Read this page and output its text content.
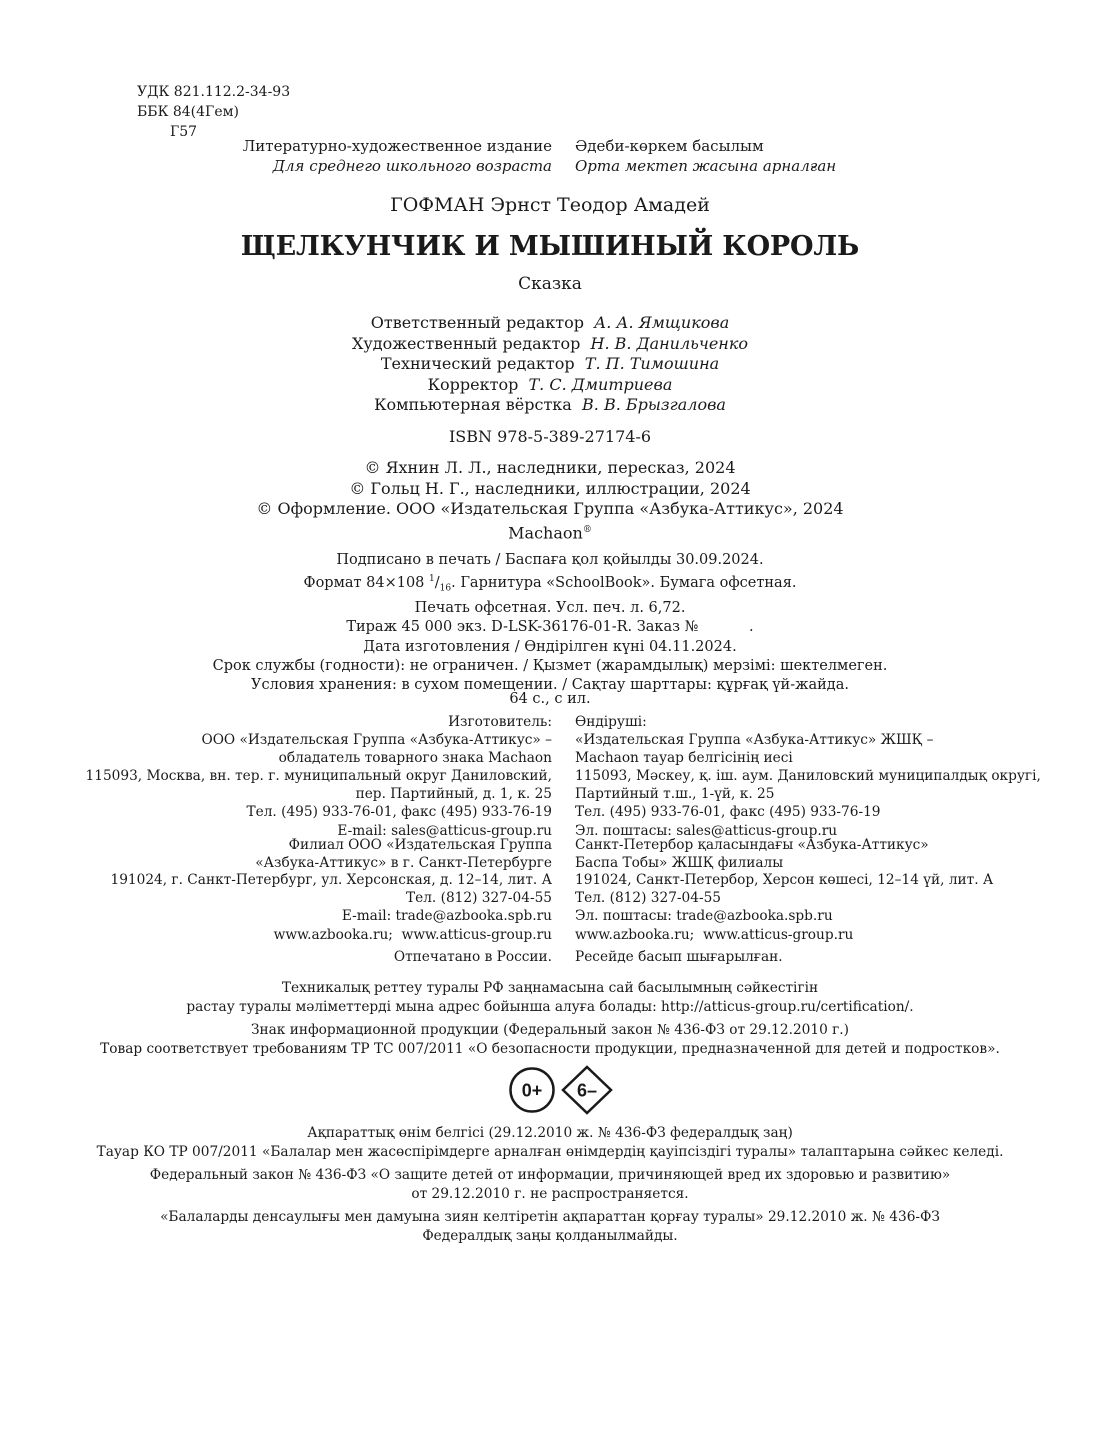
УДК 821.112.2-34-93
ББК 84(4Гем)
Г57
Литературно-художественное издание
Для среднего школьного возраста
Әдеби-көркем басылым
Орта мектеп жасына арналған
ГОФМАН Эрнст Теодор Амадей
ЩЕЛКУНЧИК И МЫШИНЫЙ КОРОЛЬ
Сказка
Ответственный редактор А. А. Ямщикова
Художественный редактор Н. В. Данильченко
Технический редактор Т. П. Тимошина
Корректор Т. С. Дмитриева
Компьютерная вёрстка В. В. Брызгалова
ISBN 978-5-389-27174-6
© Яхнин Л. Л., наследники, пересказ, 2024
© Гольц Н. Г., наследники, иллюстрации, 2024
© Оформление. ООО «Издательская Группа «Азбука-Аттикус», 2024
Machaon®
Подписано в печать / Баспаға қол қойылды 30.09.2024.
Формат 84×108 $^1/_{16}$. Гарнитура «SchoolBook». Бумага офсетная.
Печать офсетная. Усл. печ. л. 6,72.
Тираж 45 000 экз. D-LSK-36176-01-R. Заказ №           .
Дата изготовления / Өндірілген күні 04.11.2024.
Срок службы (годности): не ограничен. / Қызмет (жарамдылық) мерзімі: шектелмеген.
Условия хранения: в сухом помещении. / Сақтау шарттары: құрғақ үй-жайда.
64 с., с ил.
Изготовитель:
ООО «Издательская Группа «Азбука-Аттикус» –
обладатель товарного знака Machaon
115093, Москва, вн. тер. г. муниципальный округ Даниловский,
пер. Партийный, д. 1, к. 25
Тел. (495) 933-76-01, факс (495) 933-76-19
E-mail: sales@atticus-group.ru
Өндіруші:
«Издательская Группа «Азбука-Аттикус» ЖШҚ –
Machaon тауар белгісінің иесі
115093, Мәскеу, қ. іш. аум. Даниловский муниципалдық округі,
Партийный т.ш., 1-үй, к. 25
Тел. (495) 933-76-01, факс (495) 933-76-19
Эл. поштасы: sales@atticus-group.ru
Филиал ООО «Издательская Группа
«Азбука-Аттикус» в г. Санкт-Петербурге
191024, г. Санкт-Петербург, ул. Херсонская, д. 12–14, лит. А
Тел. (812) 327-04-55
E-mail: trade@azbooka.spb.ru
Санкт-Петербор қаласындағы «Азбука-Аттикус»
Баспа Тобы» ЖШҚ филиалы
191024, Санкт-Петербор, Херсон көшесі, 12–14 үй, лит. А
Тел. (812) 327-04-55
Эл. поштасы: trade@azbooka.spb.ru
www.azbooka.ru;  www.atticus-group.ru www.azbooka.ru;  www.atticus-group.ru
Отпечатано в России. Ресейде басып шығарылған.
Техникалық реттеу туралы РФ заңнамасына сай басылымның сәйкестігін
растау туралы мәліметтерді мына адрес бойынша алуға болады: http://atticus-group.ru/certification/.
Знак информационной продукции (Федеральный закон № 436-ФЗ от 29.12.2010 г.)
Товар соответствует требованиям ТР ТС 007/2011 «О безопасности продукции, предназначенной для детей и подростков».
0+ 6–
Ақпараттық өнім белгісі (29.12.2010 ж. № 436-ФЗ федералдық заң)
Тауар КО ТР 007/2011 «Балалар мен жасөспірімдерге арналған өнімдердің қауіпсіздігі туралы» талаптарына сәйкес келеді.
Федеральный закон № 436-ФЗ «О защите детей от информации, причиняющей вред их здоровью и развитию»
от 29.12.2010 г. не распространяется.
«Балаларды денсаулығы мен дамуына зиян келтіретін ақпараттан қорғау туралы» 29.12.2010 ж. № 436-ФЗ
Федералдық заңы қолданылмайды.
